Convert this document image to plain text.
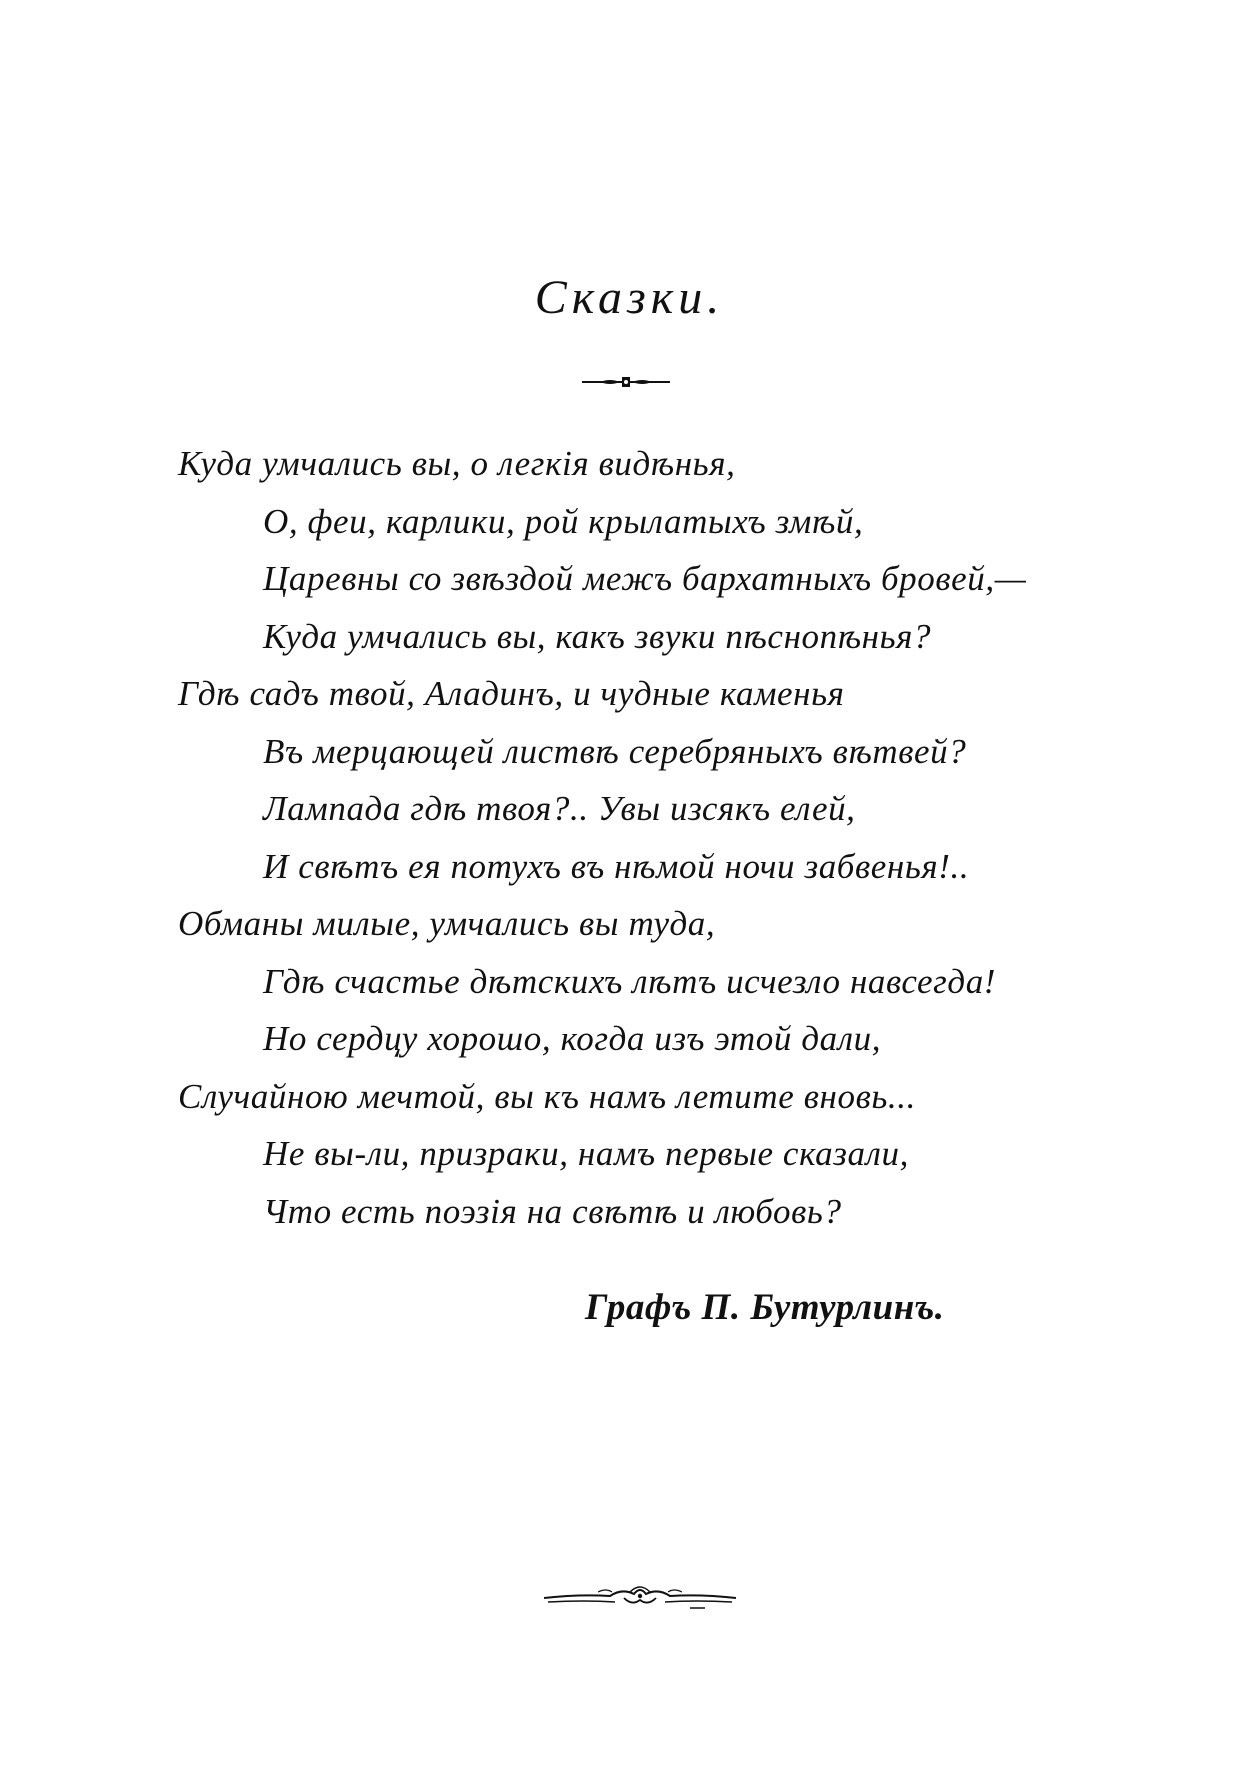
Сказки.
Куда умчались вы, о легкія видѣнья,
О, феи, карлики, рой крылатыхъ змѣй,
Царевны со звѣздой межъ бархатныхъ бровей,—
Куда умчались вы, какъ звуки пѣснопѣнья?
Гдѣ садъ твой, Аладинъ, и чудные каменья
Въ мерцающей листвѣ серебряныхъ вѣтвей?
Лампада гдѣ твоя?.. Увы изсякъ елей,
И свѣтъ ея потухъ въ нѣмой ночи забвенья!..
Обманы милые, умчались вы туда,
Гдѣ счастье дѣтскихъ лѣтъ исчезло навсегда!
Но сердцу хорошо, когда изъ этой дали,
Случайною мечтой, вы къ намъ летите вновь...
Не вы-ли, призраки, намъ первые сказали,
Что есть поэзія на свѣтѣ и любовь?
Графъ П. Бутурлинъ.
